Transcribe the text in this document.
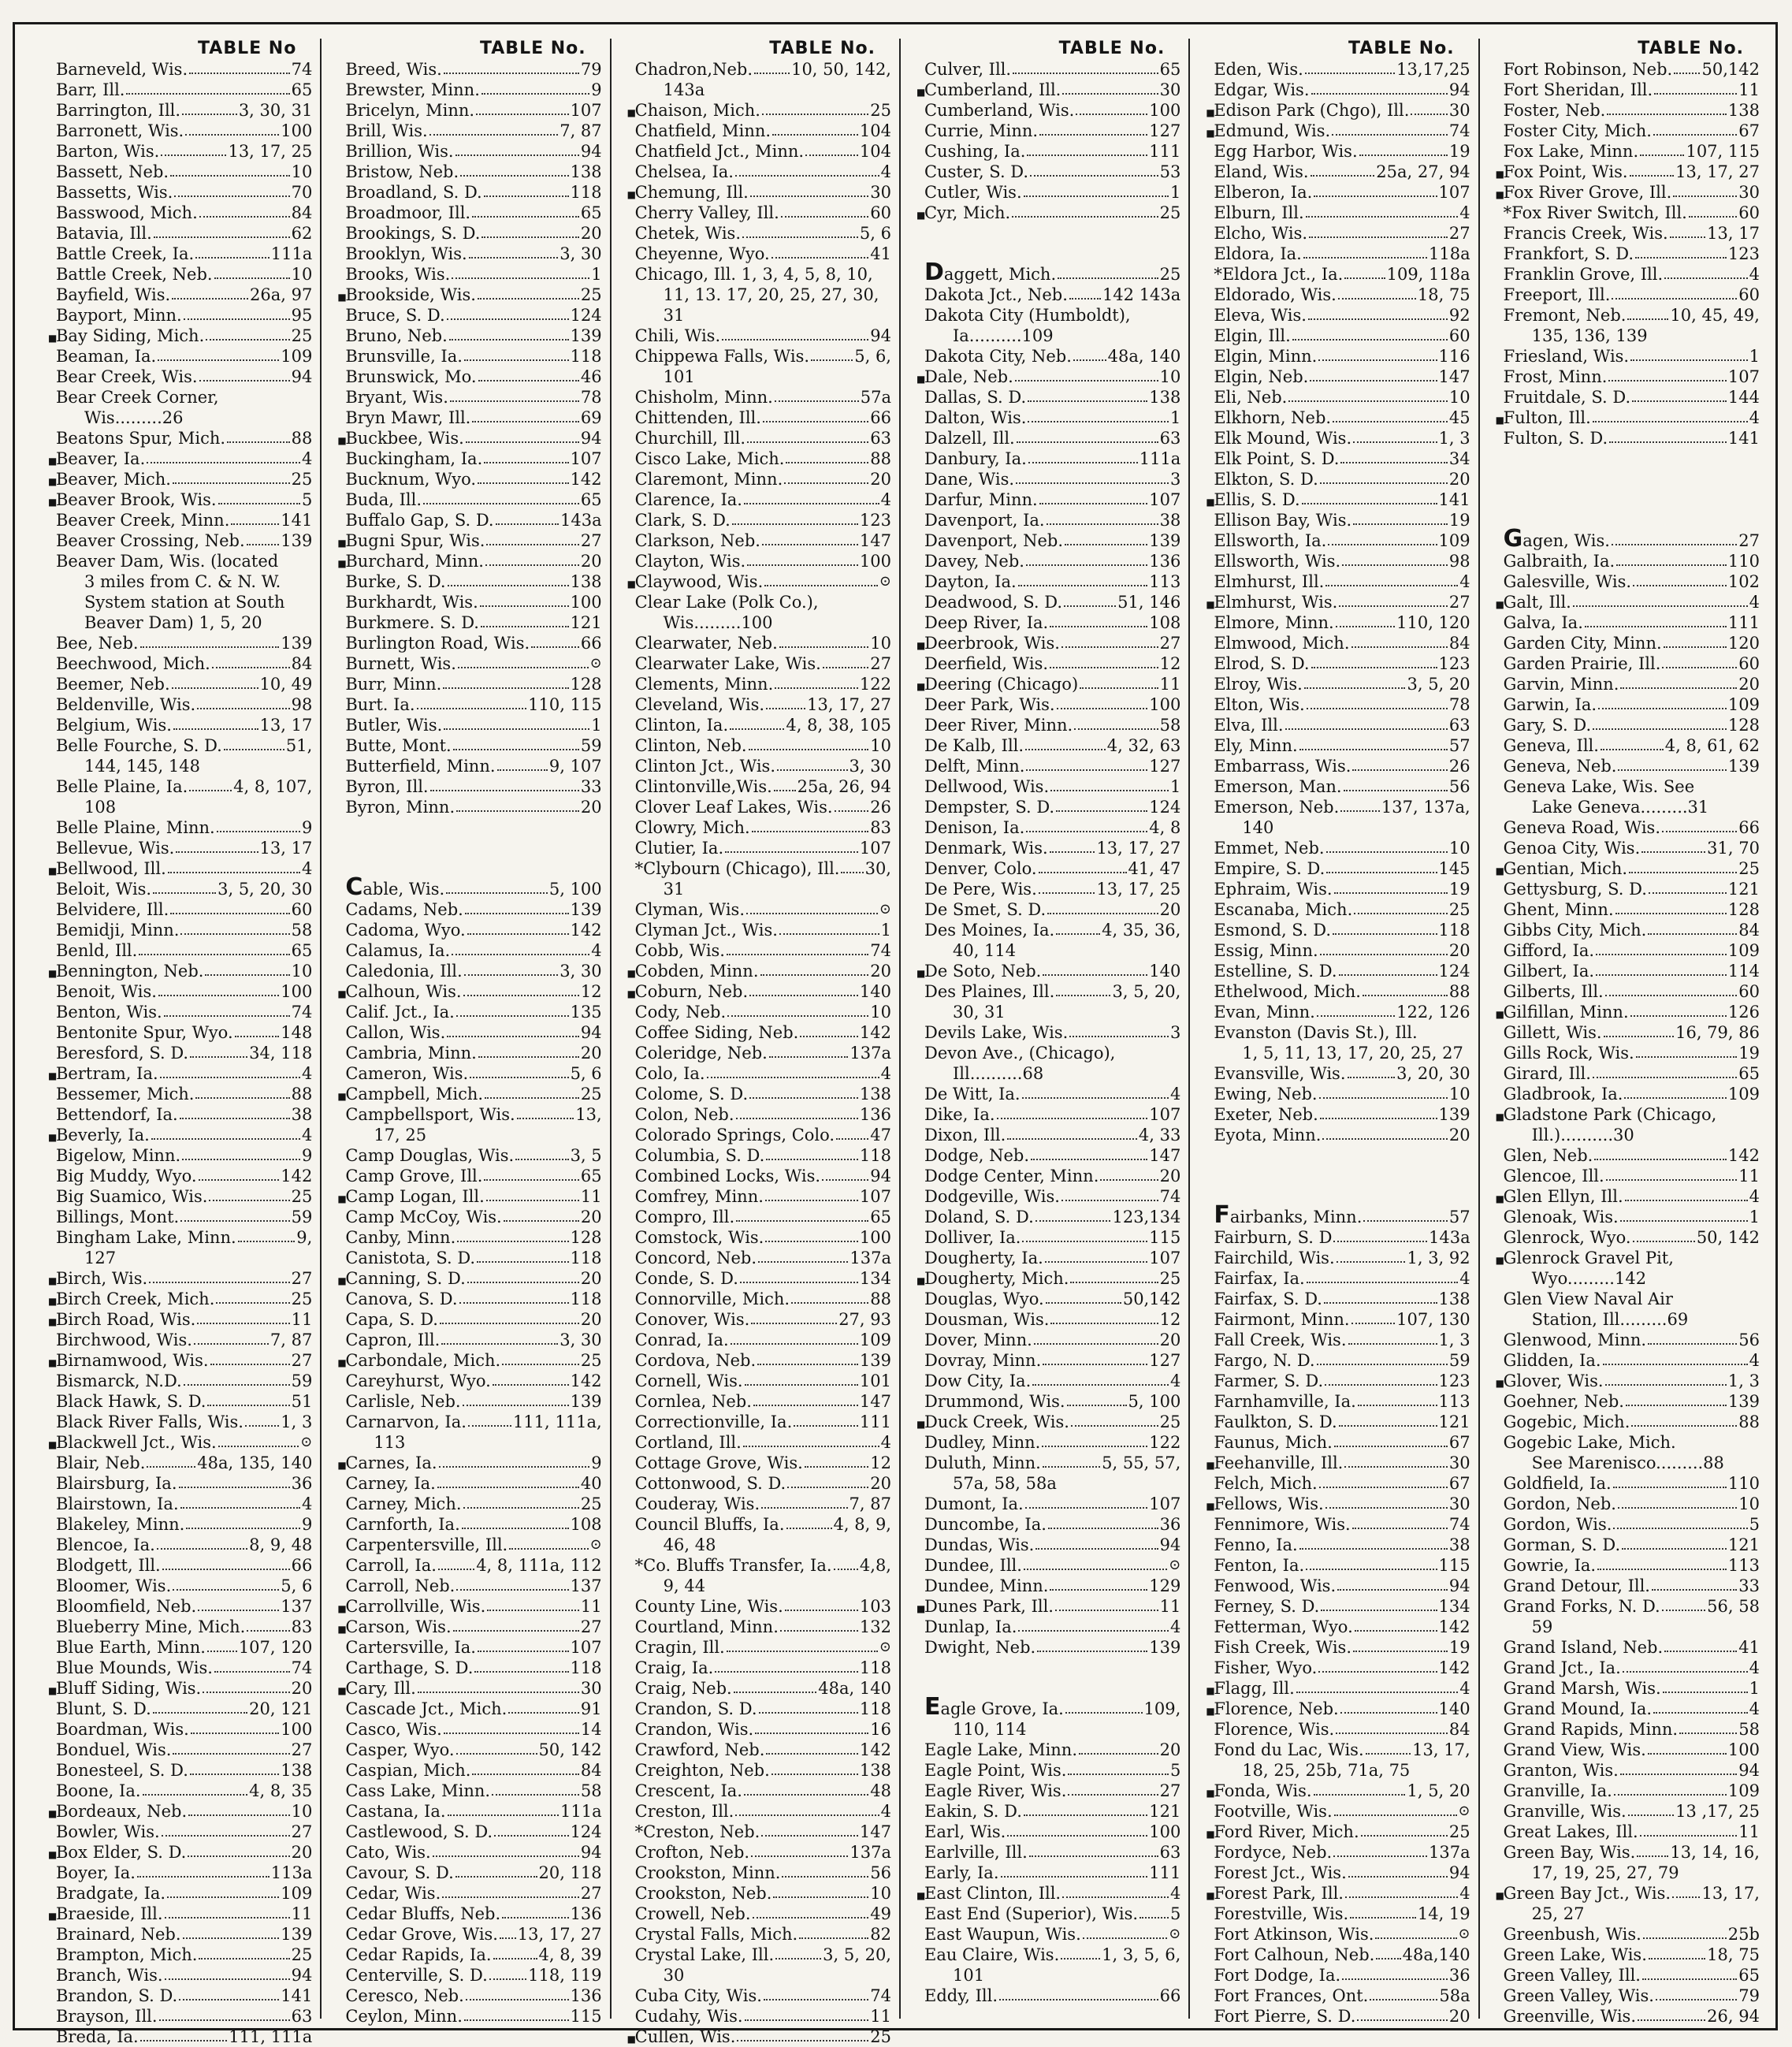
TABLE No
Barneveld, Wis.	74
Barr, Ill.	65
Barrington, Ill.	3, 30, 31
Barronett, Wis.	100
Barton, Wis.	13, 17, 25
Bassett, Neb.	10
Bassetts, Wis.	70
Basswood, Mich.	84
Batavia, Ill.	62
Battle Creek, Ia.	111a
Battle Creek, Neb.	10
Bayfield, Wis.	26a, 97
Bayport, Minn.	95
■
Bay Siding, Mich.	25
Beaman, Ia.	109
Bear Creek, Wis.	94
Bear Creek Corner,
Wis.........26
Beatons Spur, Mich.	88
■
Beaver, Ia.	4
■
Beaver, Mich.	25
■
Beaver Brook, Wis.	5
Beaver Creek, Minn.	141
Beaver Crossing, Neb. 139
Beaver Dam, Wis. (located
3 miles from C. & N. W.
System station at South
Beaver Dam) 1, 5, 20
Bee, Neb.	139
Beechwood, Mich.	84
Beemer, Neb.	10, 49
Beldenville, Wis.	98
Belgium, Wis.	13, 17
Belle Fourche, S. D.	51,
144, 145, 148
Belle Plaine, Ia.	4, 8, 107,
108
Belle Plaine, Minn.	9
Bellevue, Wis.	13, 17
■
Bellwood, Ill.	4
Beloit, Wis.	3, 5, 20, 30
Belvidere, Ill.	60
Bemidji, Minn.	58
Benld, Ill.	65
■
Bennington, Neb.	10
Benoit, Wis.	100
Benton, Wis.	74
Bentonite Spur, Wyo.	148
Beresford, S. D.	34, 118
■
Bertram, Ia.	4
Bessemer, Mich.	88
Bettendorf, Ia.	38
■
Beverly, Ia.	4
Bigelow, Minn.	9
Big Muddy, Wyo.	142
Big Suamico, Wis.	25
Billings, Mont.	59
Bingham Lake, Minn.	9,
127
■
Birch, Wis.	27
■
Birch Creek, Mich.	25
■
Birch Road, Wis.	11
Birchwood, Wis.	7, 87
■
Birnamwood, Wis.	27
Bismarck, N.D.	59
Black Hawk, S. D.	51
Black River Falls, Wis. 1, 3
■
Blackwell Jct., Wis.	⊙
Blair, Neb.	48a, 135, 140
Blairsburg, Ia.	36
Blairstown, Ia.	4
Blakeley, Minn.	9
Blencoe, Ia.	8, 9, 48
Blodgett, Ill.	66
Bloomer, Wis.	5, 6
Bloomfield, Neb.	137
Blueberry Mine, Mich.	83
Blue Earth, Minn. 107, 120
Blue Mounds, Wis.	74
■
Bluff Siding, Wis.	20
Blunt, S. D.	20, 121
Boardman, Wis.	100
Bonduel, Wis.	27
Bonesteel, S. D.	138
Boone, Ia.	4, 8, 35
■
Bordeaux, Neb.	10
Bowler, Wis.	27
■
Box Elder, S. D.	20
Boyer, Ia.	113a
Bradgate, Ia.	109
■
Braeside, Ill.	11
Brainard, Neb.	139
Brampton, Mich.	25
Branch, Wis.	94
Brandon, S. D.	141
Brayson, Ill.	63
Breda, Ia.	111, 111a
TABLE No.
Breed, Wis.	79
Brewster, Minn.	9
Bricelyn, Minn.	107
Brill, Wis.	7, 87
Brillion, Wis.	94
Bristow, Neb.	138
Broadland, S. D.	118
Broadmoor, Ill.	65
Brookings, S. D.	20
Brooklyn, Wis.	3, 30
Brooks, Wis.	1
■
Brookside, Wis.	25
Bruce, S. D.	124
Bruno, Neb.	139
Brunsville, Ia.	118
Brunswick, Mo.	46
Bryant, Wis.	78
Bryn Mawr, Ill.	69
■
Buckbee, Wis.	94
Buckingham, Ia.	107
Bucknum, Wyo.	142
Buda, Ill.	65
Buffalo Gap, S. D.	143a
■
Bugni Spur, Wis.	27
■
Burchard, Minn.	20
Burke, S. D.	138
Burkhardt, Wis.	100
Burkmere. S. D.	121
Burlington Road, Wis.	66
Burnett, Wis.	⊙
Burr, Minn.	128
Burt. Ia.	110, 115
Butler, Wis.	1
Butte, Mont.	59
Butterfield, Minn.	9, 107
Byron, Ill.	33
Byron, Minn.	20
Cable, Wis.	5, 100
Cadams, Neb.	139
Cadoma, Wyo.	142
Calamus, Ia.	4
Caledonia, Ill.	3, 30
■
Calhoun, Wis.	12
Calif. Jct., Ia.	135
Callon, Wis.	94
Cambria, Minn.	20
Cameron, Wis.	5, 6
■
Campbell, Mich.	25
Campbellsport, Wis.	13,
17, 25
Camp Douglas, Wis.	3, 5
Camp Grove, Ill.	65
■
Camp Logan, Ill.	11
Camp McCoy, Wis.	20
Canby, Minn.	128
Canistota, S. D.	118
■
Canning, S. D.	20
Canova, S. D.	118
Capa, S. D.	20
Capron, Ill.	3, 30
■
Carbondale, Mich.	25
Careyhurst, Wyo.	142
Carlisle, Neb.	139
Carnarvon, Ia.	111, 111a,
113
■
Carnes, Ia.	9
Carney, Ia.	40
Carney, Mich.	25
Carnforth, Ia.	108
Carpentersville, Ill.	⊙
Carroll, Ia. 4, 8, 111a, 112
Carroll, Neb.	137
■
Carrollville, Wis.	11
■
Carson, Wis.	27
Cartersville, Ia.	107
Carthage, S. D.	118
■
Cary, Ill.	30
Cascade Jct., Mich.	91
Casco, Wis.	14
Casper, Wyo.	50, 142
Caspian, Mich.	84
Cass Lake, Minn.	58
Castana, Ia.	111a
Castlewood, S. D.	124
Cato, Wis.	94
Cavour, S. D.	20, 118
Cedar, Wis.	27
Cedar Bluffs, Neb.	136
Cedar Grove, Wis. 13, 17, 27
Cedar Rapids, Ia.	4, 8, 39
Centerville, S. D. 118, 119
Ceresco, Neb.	136
Ceylon, Minn.	115
TABLE No.
Chadron,Neb. 10, 50, 142,
143a
■
Chaison, Mich.	25
Chatfield, Minn.	104
Chatfield Jct., Minn.	104
Chelsea, Ia.	4
■
Chemung, Ill.	30
Cherry Valley, Ill.	60
Chetek, Wis.	5, 6
Cheyenne, Wyo.	41
Chicago, Ill. 1, 3, 4, 5, 8, 10,
11, 13. 17, 20, 25, 27, 30,
31
Chili, Wis.	94
Chippewa Falls, Wis.	5, 6,
101
Chisholm, Minn.	57a
Chittenden, Ill.	66
Churchill, Ill.	63
Cisco Lake, Mich.	88
Claremont, Minn.	20
Clarence, Ia.	4
Clark, S. D.	123
Clarkson, Neb.	147
Clayton, Wis.	100
■
Claywood, Wis.	⊙
Clear Lake (Polk Co.),
Wis.........100
Clearwater, Neb.	10
Clearwater Lake, Wis.	27
Clements, Minn.	122
Cleveland, Wis.	13, 17, 27
Clinton, Ia.	4, 8, 38, 105
Clinton, Neb.	10
Clinton Jct., Wis.	3, 30
Clintonville,Wis. 25a, 26, 94
Clover Leaf Lakes, Wis. 26
Clowry, Mich.	83
Clutier, Ia.	107
*Clybourn (Chicago), Ill. 30,
31
Clyman, Wis.	⊙
Clyman Jct., Wis.	1
Cobb, Wis.	74
■
Cobden, Minn.	20
■
Coburn, Neb.	140
Cody, Neb.	10
Coffee Siding, Neb.	142
Coleridge, Neb.	137a
Colo, Ia.	4
Colome, S. D.	138
Colon, Neb.	136
Colorado Springs, Colo. 47
Columbia, S. D.	118
Combined Locks, Wis.	94
Comfrey, Minn.	107
Compro, Ill.	65
Comstock, Wis.	100
Concord, Neb.	137a
Conde, S. D.	134
Connorville, Mich.	88
Conover, Wis.	27, 93
Conrad, Ia.	109
Cordova, Neb.	139
Cornell, Wis.	101
Cornlea, Neb.	147
Correctionville, Ia.	111
Cortland, Ill.	4
Cottage Grove, Wis.	12
Cottonwood, S. D.	20
Couderay, Wis.	7, 87
Council Bluffs, Ia.	4, 8, 9,
46, 48
*Co. Bluffs Transfer, Ia. 4,8,
9, 44
County Line, Wis.	103
Courtland, Minn.	132
Cragin, Ill.	⊙
Craig, Ia.	118
Craig, Neb.	48a, 140
Crandon, S. D.	118
Crandon, Wis.	16
Crawford, Neb.	142
Creighton, Neb.	138
Crescent, Ia.	48
Creston, Ill.	4
*Creston, Neb.	147
Crofton, Neb.	137a
Crookston, Minn.	56
Crookston, Neb.	10
Crowell, Neb.	49
Crystal Falls, Mich.	82
Crystal Lake, Ill.	3, 5, 20,
30
Cuba City, Wis.	74
Cudahy, Wis.	11
■
Cullen, Wis.	25
TABLE No.
Culver, Ill.	65
■
Cumberland, Ill.	30
Cumberland, Wis.	100
Currie, Minn.	127
Cushing, Ia.	111
Custer, S. D.	53
Cutler, Wis.	1
■
Cyr, Mich.	25
Daggett, Mich.	25
Dakota Jct., Neb. 142 143a
Dakota City (Humboldt),
Ia..........109
Dakota City, Neb. 48a, 140
■
Dale, Neb.	10
Dallas, S. D.	138
Dalton, Wis.	1
Dalzell, Ill.	63
Danbury, Ia.	111a
Dane, Wis.	3
Darfur, Minn.	107
Davenport, Ia.	38
Davenport, Neb.	139
Davey, Neb.	136
Dayton, Ia.	113
Deadwood, S. D.	51, 146
Deep River, Ia.	108
■
Deerbrook, Wis.	27
Deerfield, Wis.	12
■
Deering (Chicago)	11
Deer Park, Wis.	100
Deer River, Minn.	58
De Kalb, Ill.	4, 32, 63
Delft, Minn.	127
Dellwood, Wis.	1
Dempster, S. D.	124
Denison, Ia.	4, 8
Denmark, Wis.	13, 17, 27
Denver, Colo.	41, 47
De Pere, Wis.	13, 17, 25
De Smet, S. D.	20
Des Moines, Ia.	4, 35, 36,
40, 114
■
De Soto, Neb.	140
Des Plaines, Ill.	3, 5, 20,
30, 31
Devils Lake, Wis.	3
Devon Ave., (Chicago),
Ill..........68
De Witt, Ia.	4
Dike, Ia.	107
Dixon, Ill.	4, 33
Dodge, Neb.	147
Dodge Center, Minn.	20
Dodgeville, Wis.	74
Doland, S. D.	123,134
Dolliver, Ia.	115
Dougherty, Ia.	107
■
Dougherty, Mich.	25
Douglas, Wyo.	50,142
Dousman, Wis.	12
Dover, Minn.	20
Dovray, Minn.	127
Dow City, Ia.	4
Drummond, Wis.	5, 100
■
Duck Creek, Wis.	25
Dudley, Minn.	122
Duluth, Minn.	5, 55, 57,
57a, 58, 58a
Dumont, Ia.	107
Duncombe, Ia.	36
Dundas, Wis.	94
Dundee, Ill.	⊙
Dundee, Minn.	129
■
Dunes Park, Ill.	11
Dunlap, Ia.	4
Dwight, Neb.	139
Eagle Grove, Ia.	109,
110, 114
Eagle Lake, Minn.	20
Eagle Point, Wis.	5
Eagle River, Wis.	27
Eakin, S. D.	121
Earl, Wis.	100
Earlville, Ill.	63
Early, Ia.	111
■
East Clinton, Ill.	4
East End (Superior), Wis. 5
East Waupun, Wis.	⊙
Eau Claire, Wis.	1, 3, 5, 6,
101
Eddy, Ill.	66
TABLE No.
Eden, Wis.	13,17,25
Edgar, Wis.	94
■
Edison Park (Chgo), Ill. 30
■
Edmund, Wis.	74
Egg Harbor, Wis.	19
Eland, Wis.	25a, 27, 94
Elberon, Ia.	107
Elburn, Ill.	4
Elcho, Wis.	27
Eldora, Ia.	118a
*Eldora Jct., Ia.	109, 118a
Eldorado, Wis.	18, 75
Eleva, Wis.	92
Elgin, Ill.	60
Elgin, Minn.	116
Elgin, Neb.	147
Eli, Neb.	10
Elkhorn, Neb.	45
Elk Mound, Wis.	1, 3
Elk Point, S. D.	34
Elkton, S. D.	20
■
Ellis, S. D.	141
Ellison Bay, Wis.	19
Ellsworth, Ia.	109
Ellsworth, Wis.	98
Elmhurst, Ill.	4
■
Elmhurst, Wis.	27
Elmore, Minn.	110, 120
Elmwood, Mich.	84
Elrod, S. D.	123
Elroy, Wis.	3, 5, 20
Elton, Wis.	78
Elva, Ill.	63
Ely, Minn.	57
Embarrass, Wis.	26
Emerson, Man.	56
Emerson, Neb.	137, 137a,
140
Emmet, Neb.	10
Empire, S. D.	145
Ephraim, Wis.	19
Escanaba, Mich.	25
Esmond, S. D.	118
Essig, Minn.	20
Estelline, S. D.	124
Ethelwood, Mich.	88
Evan, Minn.	122, 126
Evanston (Davis St.), Ill.
1, 5, 11, 13, 17, 20, 25, 27
Evansville, Wis.	3, 20, 30
Ewing, Neb.	10
Exeter, Neb.	139
Eyota, Minn.	20
Fairbanks, Minn.	57
Fairburn, S. D	143a
Fairchild, Wis.	1, 3, 92
Fairfax, Ia.	4
Fairfax, S. D.	138
Fairmont, Minn.	107, 130
Fall Creek, Wis.	1, 3
Fargo, N. D.	59
Farmer, S. D.	123
Farnhamville, Ia.	113
Faulkton, S. D.	121
Faunus, Mich.	67
■
Feehanville, Ill.	30
Felch, Mich.	67
■
Fellows, Wis.	30
Fennimore, Wis.	74
Fenno, Ia.	38
Fenton, Ia.	115
Fenwood, Wis.	94
Ferney, S. D.	134
Fetterman, Wyo.	142
Fish Creek, Wis.	19
Fisher, Wyo.	142
■
Flagg, Ill.	4
■
Florence, Neb.	140
Florence, Wis.	84
Fond du Lac, Wis.	13, 17,
18, 25, 25b, 71a, 75
■
Fonda, Wis.	1, 5, 20
Footville, Wis.	⊙
■
Ford River, Mich.	25
Fordyce, Neb.	137a
Forest Jct., Wis.	94
■
Forest Park, Ill.	4
Forestville, Wis.	14, 19
Fort Atkinson, Wis.	⊙
Fort Calhoun, Neb. 48a,140
Fort Dodge, Ia.	36
Fort Frances, Ont.	58a
Fort Pierre, S. D.	20
TABLE No.
Fort Robinson, Neb. 50,142
Fort Sheridan, Ill.	11
Foster, Neb.	138
Foster City, Mich.	67
Fox Lake, Minn.	107, 115
■
Fox Point, Wis.	13, 17, 27
■
Fox River Grove, Ill.	30
*Fox River Switch, Ill.	60
Francis Creek, Wis. 13, 17
Frankfort, S. D.	123
Franklin Grove, Ill.	4
Freeport, Ill.	60
Fremont, Neb.	10, 45, 49,
135, 136, 139
Friesland, Wis.	1
Frost, Minn.	107
Fruitdale, S. D.	144
■
Fulton, Ill.	4
Fulton, S. D.	141
Gagen, Wis.	27
Galbraith, Ia.	110
Galesville, Wis.	102
■
Galt, Ill.	4
Galva, Ia.	111
Garden City, Minn.	120
Garden Prairie, Ill.	60
Garvin, Minn.	20
Garwin, Ia.	109
Gary, S. D.	128
Geneva, Ill.	4, 8, 61, 62
Geneva, Neb.	139
Geneva Lake, Wis. See
Lake Geneva.........31
Geneva Road, Wis.	66
Genoa City, Wis.	31, 70
■
Gentian, Mich.	25
Gettysburg, S. D.	121
Ghent, Minn.	128
Gibbs City, Mich.	84
Gifford, Ia.	109
Gilbert, Ia.	114
Gilberts, Ill.	60
■
Gilfillan, Minn.	126
Gillett, Wis.	16, 79, 86
Gills Rock, Wis.	19
Girard, Ill.	65
Gladbrook, Ia.	109
■
Gladstone Park (Chicago,
Ill.)..........30
Glen, Neb.	142
Glencoe, Ill.	11
■
Glen Ellyn, Ill.	4
Glenoak, Wis.	1
Glenrock, Wyo.	50, 142
■
Glenrock Gravel Pit,
Wyo.........142
Glen View Naval Air
Station, Ill.........69
Glenwood, Minn.	56
Glidden, Ia.	4
■
Glover, Wis.	1, 3
Goehner, Neb.	139
Gogebic, Mich.	88
Gogebic Lake, Mich.
See Marenisco.........88
Goldfield, Ia.	110
Gordon, Neb.	10
Gordon, Wis.	5
Gorman, S. D.	121
Gowrie, Ia.	113
Grand Detour, Ill.	33
Grand Forks, N. D.	56, 58
59
Grand Island, Neb.	41
Grand Jct., Ia.	4
Grand Marsh, Wis.	1
Grand Mound, Ia.	4
Grand Rapids, Minn.	58
Grand View, Wis.	100
Granton, Wis.	94
Granville, Ia.	109
Granville, Wis.	13 ,17, 25
Great Lakes, Ill.	11
Green Bay, Wis. 13, 14, 16,
17, 19, 25, 27, 79
■
Green Bay Jct., Wis. 13, 17,
25, 27
Greenbush, Wis.	25b
Green Lake, Wis.	18, 75
Green Valley, Ill.	65
Green Valley, Wis.	79
Greenville, Wis.	26, 94
